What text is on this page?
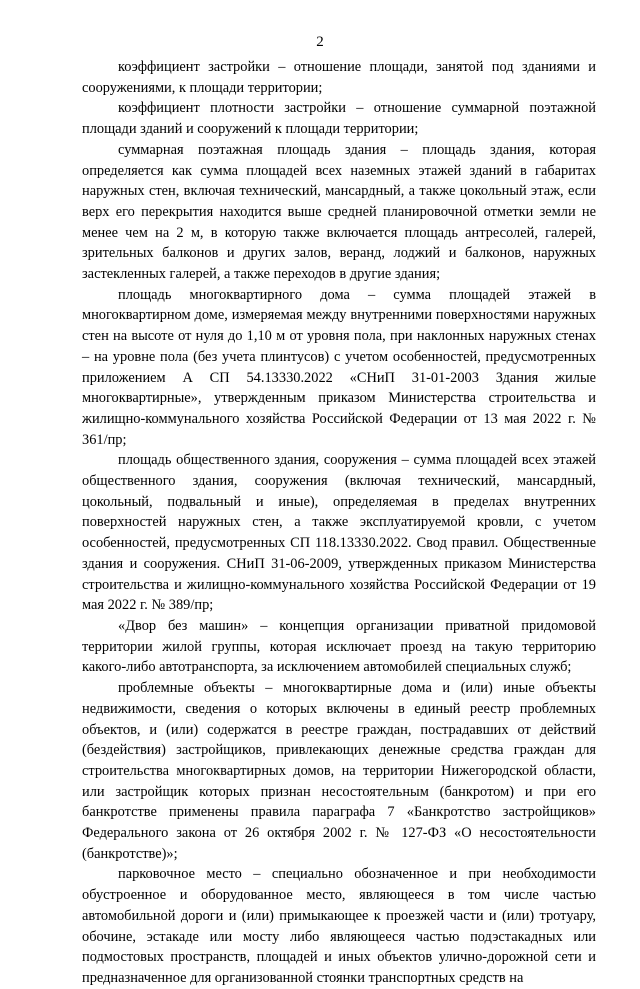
2

коэффициент застройки – отношение площади, занятой под зданиями и сооружениями, к площади территории;

коэффициент плотности застройки – отношение суммарной поэтажной площади зданий и сооружений к площади территории;

суммарная поэтажная площадь здания – площадь здания, которая определяется как сумма площадей всех наземных этажей зданий в габаритах наружных стен, включая технический, мансардный, а также цокольный этаж, если верх его перекрытия находится выше средней планировочной отметки земли не менее чем на 2 м, в которую также включается площадь антресолей, галерей, зрительных балконов и других залов, веранд, лоджий и балконов, наружных застекленных галерей, а также переходов в другие здания;

площадь многоквартирного дома – сумма площадей этажей в многоквартирном доме, измеряемая между внутренними поверхностями наружных стен на высоте от нуля до 1,10 м от уровня пола, при наклонных наружных стенах – на уровне пола (без учета плинтусов) с учетом особенностей, предусмотренных приложением А СП 54.13330.2022 «СНиП 31-01-2003 Здания жилые многоквартирные», утвержденным приказом Министерства строительства и жилищно-коммунального хозяйства Российской Федерации от 13 мая 2022 г. № 361/пр;

площадь общественного здания, сооружения – сумма площадей всех этажей общественного здания, сооружения (включая технический, мансардный, цокольный, подвальный и иные), определяемая в пределах внутренних поверхностей наружных стен, а также эксплуатируемой кровли, с учетом особенностей, предусмотренных СП 118.13330.2022. Свод правил. Общественные здания и сооружения. СНиП 31-06-2009, утвержденных приказом Министерства строительства и жилищно-коммунального хозяйства Российской Федерации от 19 мая 2022 г. № 389/пр;

«Двор без машин» – концепция организации приватной придомовой территории жилой группы, которая исключает проезд на такую территорию какого-либо автотранспорта, за исключением автомобилей специальных служб;

проблемные объекты – многоквартирные дома и (или) иные объекты недвижимости, сведения о которых включены в единый реестр проблемных объектов, и (или) содержатся в реестре граждан, пострадавших от действий (бездействия) застройщиков, привлекающих денежные средства граждан для строительства многоквартирных домов, на территории Нижегородской области, или застройщик которых признан несостоятельным (банкротом) и при его банкротстве применены правила параграфа 7 «Банкротство застройщиков» Федерального закона от 26 октября 2002 г. № 127-ФЗ «О несостоятельности (банкротстве)»;

парковочное место – специально обозначенное и при необходимости обустроенное и оборудованное место, являющееся в том числе частью автомобильной дороги и (или) примыкающее к проезжей части и (или) тротуару, обочине, эстакаде или мосту либо являющееся частью подэстакадных или подмостовых пространств, площадей и иных объектов улично-дорожной сети и предназначенное для организованной стоянки транспортных средств на
